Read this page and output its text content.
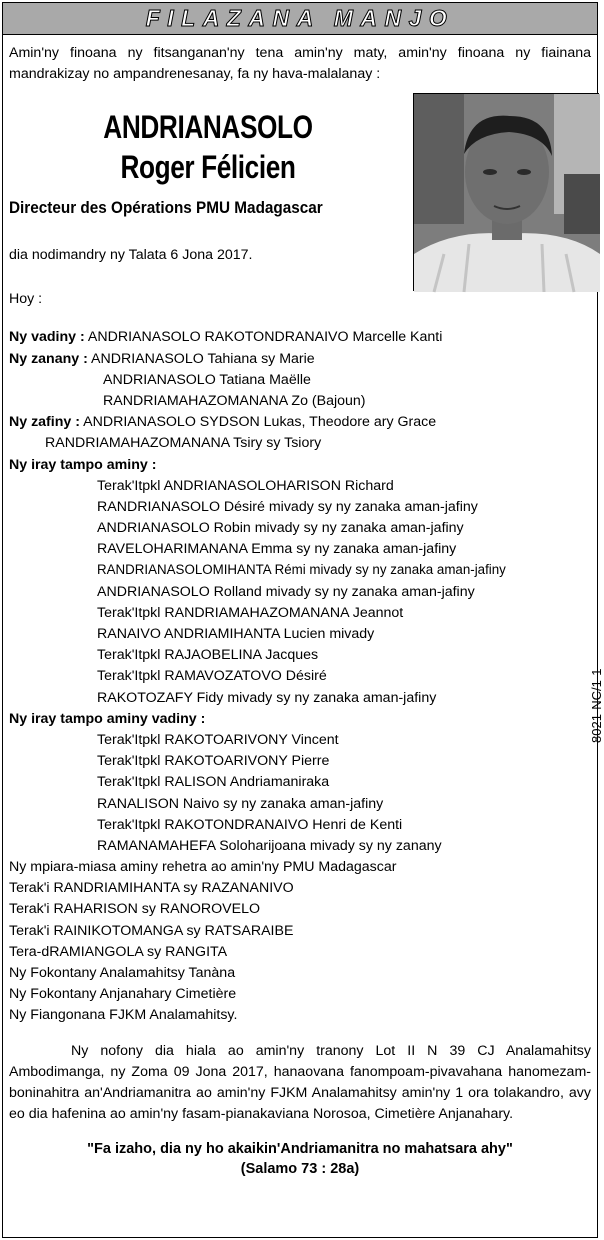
FILAZANA MANJO

Amin'ny finoana ny fitsanganan'ny tena amin'ny maty, amin'ny finoana ny fiainana mandrakizay no ampandrenesanay, fa ny hava-malalanay :

ANDRIANASOLO
Roger Félicien
Directeur des Opérations PMU Madagascar
dia nodimandry ny Talata 6 Jona 2017.
Hoy :
Ny vadiny : ANDRIANASOLO RAKOTONDRANAIVO Marcelle Kanti
Ny zanany : ANDRIANASOLO Tahiana sy Marie
ANDRIANASOLO Tatiana Maëlle
RANDRIAMAHAZOMANANA Zo (Bajoun)
Ny zafiny : ANDRIANASOLO SYDSON Lukas, Theodore ary Grace
RANDRIAMAHAZOMANANA Tsiry sy Tsiory
Ny iray tampo aminy :
Terak'Itpkl ANDRIANASOLOHARISON Richard
RANDRIANASOLO Désiré mivady sy ny zanaka aman-jafiny
ANDRIANASOLO Robin mivady sy ny zanaka aman-jafiny
RAVELOHARIMANANA Emma sy ny zanaka aman-jafiny
RANDRIANASOLOMIHANTA Rémi mivady sy ny zanaka aman-jafiny
ANDRIANASOLO Rolland mivady sy ny zanaka aman-jafiny
Terak'Itpkl RANDRIAMAHAZOMANANA Jeannot
RANAIVO ANDRIAMIHANTA Lucien mivady
Terak'Itpkl RAJAOBELINA Jacques
Terak'Itpkl RAMAVOZATOVO Désiré
RAKOTOZAFY Fidy mivady sy ny zanaka aman-jafiny
Ny iray tampo aminy vadiny :
Terak'Itpkl RAKOTOARIVONY Vincent
Terak'Itpkl RAKOTOARIVONY Pierre
Terak'Itpkl RALISON Andriamaniraka
RANALISON Naivo sy ny zanaka aman-jafiny
Terak'Itpkl RAKOTONDRANAIVO Henri de Kenti
RAMANAMAHEFA Soloharijoana mivady sy ny zanany
Ny mpiara-miasa aminy rehetra ao amin'ny PMU Madagascar
Terak'i RANDRIAMIHANTA sy RAZANANIVO
Terak'i RAHARISON sy RANOROVELO
Terak'i RAINIKOTOMANGA sy RATSARAIBE
Tera-dRAMIANGOLA sy RANGITA
Ny Fokontany Analamahitsy Tanàna
Ny Fokontany Anjanahary Cimetière
Ny Fiangonana FJKM Analamahitsy.

Ny nofony dia hiala ao amin'ny tranony Lot II N 39 CJ Analamahitsy Ambodimanga, ny Zoma 09 Jona 2017, hanaovana fanompoam-pivavahana hanomezam-boninahitra an'Andriamanitra ao amin'ny FJKM Analamahitsy amin'ny 1 ora tolakandro, avy eo dia hafenina ao amin'ny fasam-pianakaviana Norosoa, Cimetière Anjanahary.

"Fa izaho, dia ny ho akaikin'Andriamanitra no mahatsara ahy"
(Salamo 73 : 28a)
8021-NC/1-1
